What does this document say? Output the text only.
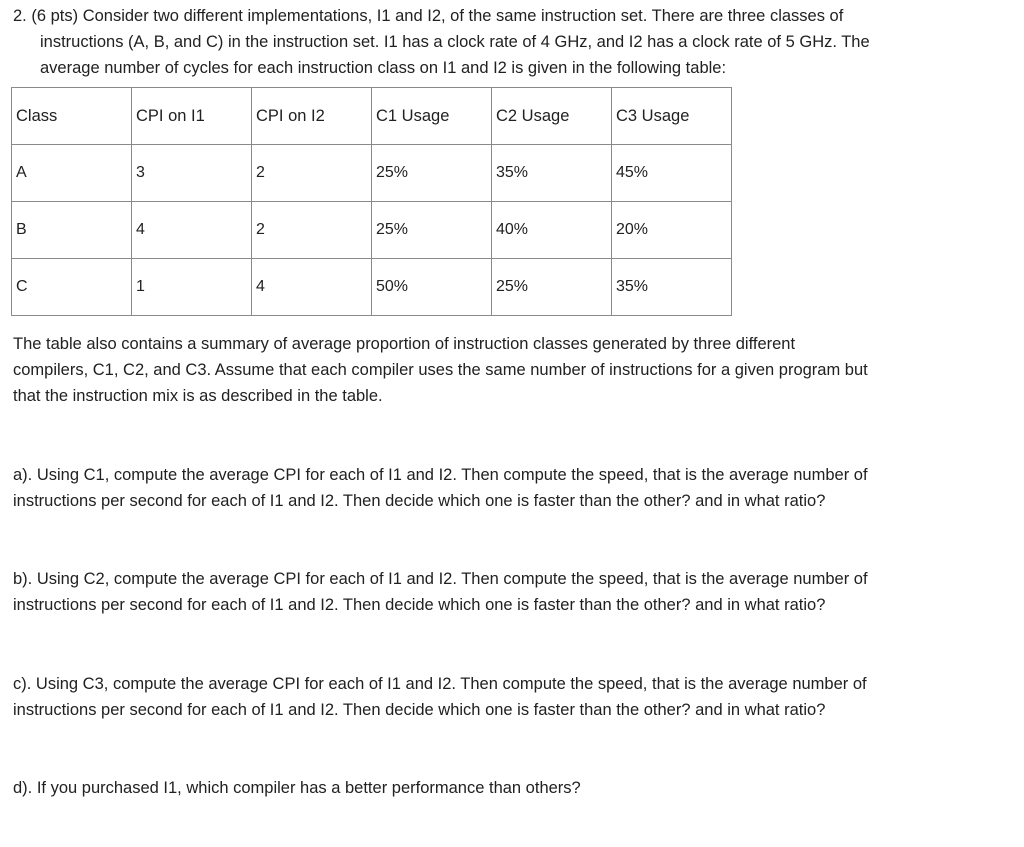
2. (6 pts) Consider two different implementations, I1 and I2, of the same instruction set. There are three classes of
instructions (A, B, and C) in the instruction set. I1 has a clock rate of 4 GHz, and I2 has a clock rate of 5 GHz. The
average number of cycles for each instruction class on I1 and I2 is given in the following table:
Class	CPI on I1	CPI on I2	C1 Usage	C2 Usage	C3 Usage
A	3	2	25%	35%	45%
B	4	2	25%	40%	20%
C	1	4	50%	25%	35%

The table also contains a summary of average proportion of instruction classes generated by three different
compilers, C1, C2, and C3. Assume that each compiler uses the same number of instructions for a given program but
that the instruction mix is as described in the table.

a). Using C1, compute the average CPI for each of I1 and I2. Then compute the speed, that is the average number of
instructions per second for each of I1 and I2. Then decide which one is faster than the other? and in what ratio?

b). Using C2, compute the average CPI for each of I1 and I2. Then compute the speed, that is the average number of
instructions per second for each of I1 and I2. Then decide which one is faster than the other? and in what ratio?

c). Using C3, compute the average CPI for each of I1 and I2. Then compute the speed, that is the average number of
instructions per second for each of I1 and I2. Then decide which one is faster than the other? and in what ratio?

d). If you purchased I1, which compiler has a better performance than others?
